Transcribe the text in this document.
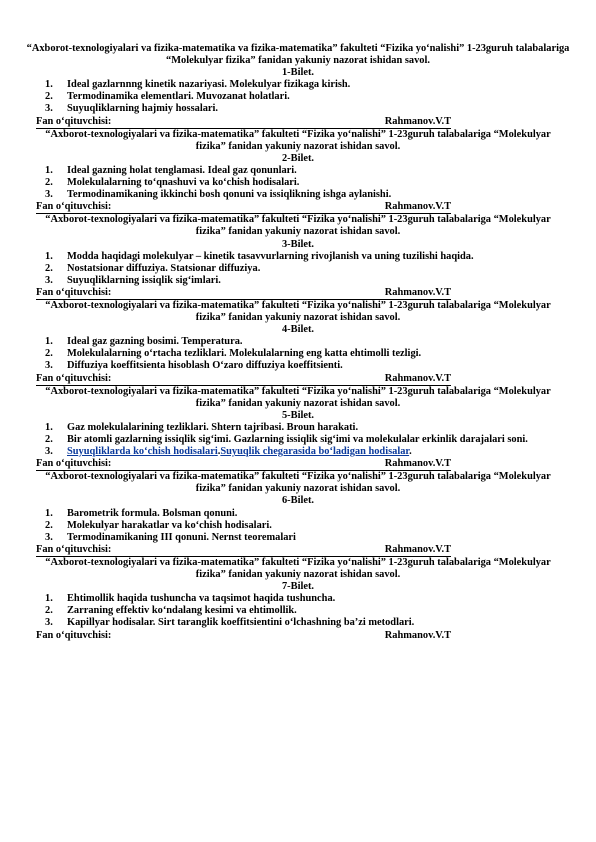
“Axborot-texnologiyalari va fizika-matematika va fizika-matematika” fakulteti “Fizika yo‘nalishi” 1-23guruh talabalariga “Molekulyar fizika” fanidan yakuniy nazorat ishidan savol.
1-Bilet.
1.	Ideal gazlarnnng kinetik nazariyasi. Molekulyar fizikaga kirish.
2.	Termodinamika elementlari. Muvozanat holatlari.
3.	Suyuqliklarning hajmiy hossalari.
Fan o‘qituvchisi:	Rahmanov.V.T
“Axborot-texnologiyalari va fizika-matematika” fakulteti “Fizika yo‘nalishi” 1-23guruh talabalariga “Molekulyar fizika” fanidan yakuniy nazorat ishidan savol.
2-Bilet.
1.	Ideal gazning holat tenglamasi. Ideal gaz qonunlari.
2.	Molekulalarning to‘qnashuvi va ko‘chish hodisalari.
3.	Termodinamikaning ikkinchi bosh qonuni va issiqlikning ishga aylanishi.
Fan o‘qituvchisi:	Rahmanov.V.T
“Axborot-texnologiyalari va fizika-matematika” fakulteti “Fizika yo‘nalishi” 1-23guruh talabalariga “Molekulyar fizika” fanidan yakuniy nazorat ishidan savol.
3-Bilet.
1.	Modda haqidagi molekulyar – kinetik tasavvurlarning rivojlanish va uning tuzilishi haqida.
2.	Nostatsionar diffuziya. Statsionar diffuziya.
3.	Suyuqliklarning issiqlik sig‘imlari.
Fan o‘qituvchisi:	Rahmanov.V.T
“Axborot-texnologiyalari va fizika-matematika” fakulteti “Fizika yo‘nalishi” 1-23guruh talabalariga “Molekulyar fizika” fanidan yakuniy nazorat ishidan savol.
4-Bilet.
1.	Ideal gaz gazning bosimi. Temperatura.
2.	Molekulalarning o‘rtacha tezliklari. Molekulalarning eng katta ehtimolli tezligi.
3.	Diffuziya koeffitsienta hisoblash O‘zaro diffuziya koeffitsienti.
Fan o‘qituvchisi:	Rahmanov.V.T
“Axborot-texnologiyalari va fizika-matematika” fakulteti “Fizika yo‘nalishi” 1-23guruh talabalariga “Molekulyar fizika” fanidan yakuniy nazorat ishidan savol.
5-Bilet.
1.	Gaz molekulalarining tezliklari. Shtern tajribasi. Broun harakati.
2.	Bir atomli gazlarning issiqlik sig‘imi. Gazlarning issiqlik sig‘imi va molekulalar erkinlik darajalari soni.
3.	Suyuqliklarda ko‘chish hodisalari.Suyuqlik chegarasida bo‘ladigan hodisalar.
Fan o‘qituvchisi:	Rahmanov.V.T
“Axborot-texnologiyalari va fizika-matematika” fakulteti “Fizika yo‘nalishi” 1-23guruh talabalariga “Molekulyar fizika” fanidan yakuniy nazorat ishidan savol.
6-Bilet.
1.	Barometrik formula. Bolsman qonuni.
2.	Molekulyar harakatlar va ko‘chish hodisalari.
3.	Termodinamikaning III qonuni. Nernst teoremalari
Fan o‘qituvchisi:	Rahmanov.V.T
“Axborot-texnologiyalari va fizika-matematika” fakulteti “Fizika yo‘nalishi” 1-23guruh talabalariga “Molekulyar fizika” fanidan yakuniy nazorat ishidan savol.
7-Bilet.
1.	Ehtimollik haqida tushuncha va taqsimot haqida tushuncha.
2.	Zarraning effektiv ko‘ndalang kesimi va ehtimollik.
3.	Kapillyar hodisalar. Sirt taranglik koeffitsientini o‘lchashning ba’zi metodlari.
Fan o‘qituvchisi:	Rahmanov.V.T
